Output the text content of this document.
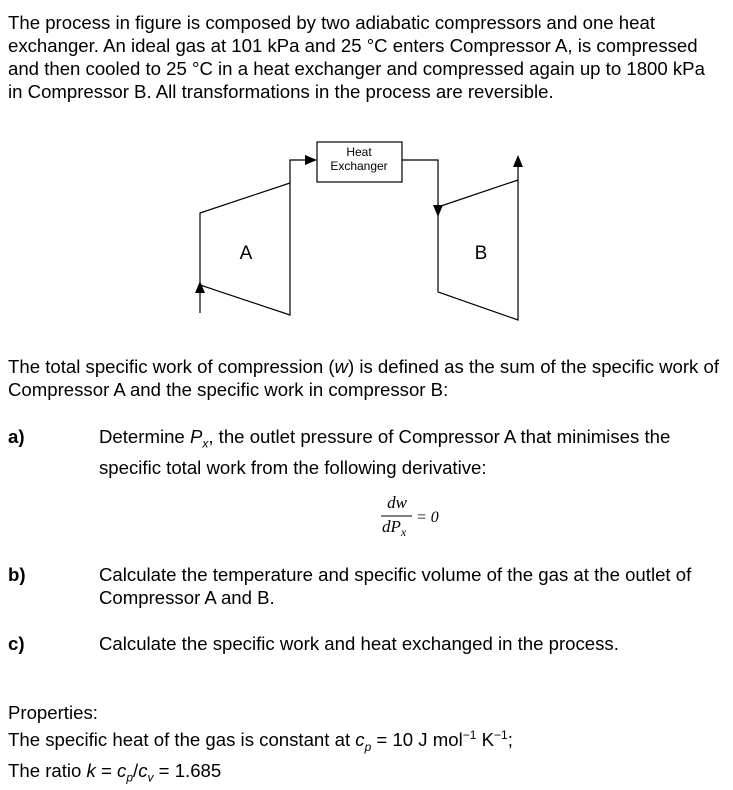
The process in figure is composed by two adiabatic compressors and one heat exchanger. An ideal gas at 101 kPa and 25 °C enters Compressor A, is compressed and then cooled to 25 °C in a heat exchanger and compressed again up to 1800 kPa in Compressor B. All transformations in the process are reversible.
A
Heat
Exchanger
B
The total specific work of compression (w) is defined as the sum of the specific work of Compressor A and the specific work in compressor B:
a)	Determine $P_x$, the outlet pressure of Compressor A that minimises the specific total work from the following derivative:
dw
$dP_x$
= 0
b)	Calculate the temperature and specific volume of the gas at the outlet of Compressor A and B.
c)	Calculate the specific work and heat exchanged in the process.
Properties:
The specific heat of the gas is constant at $c_p = 10$ J mol$^{-1}$ $K^{-1}$;
The ratio $k = c_p/c_v = 1.685$
